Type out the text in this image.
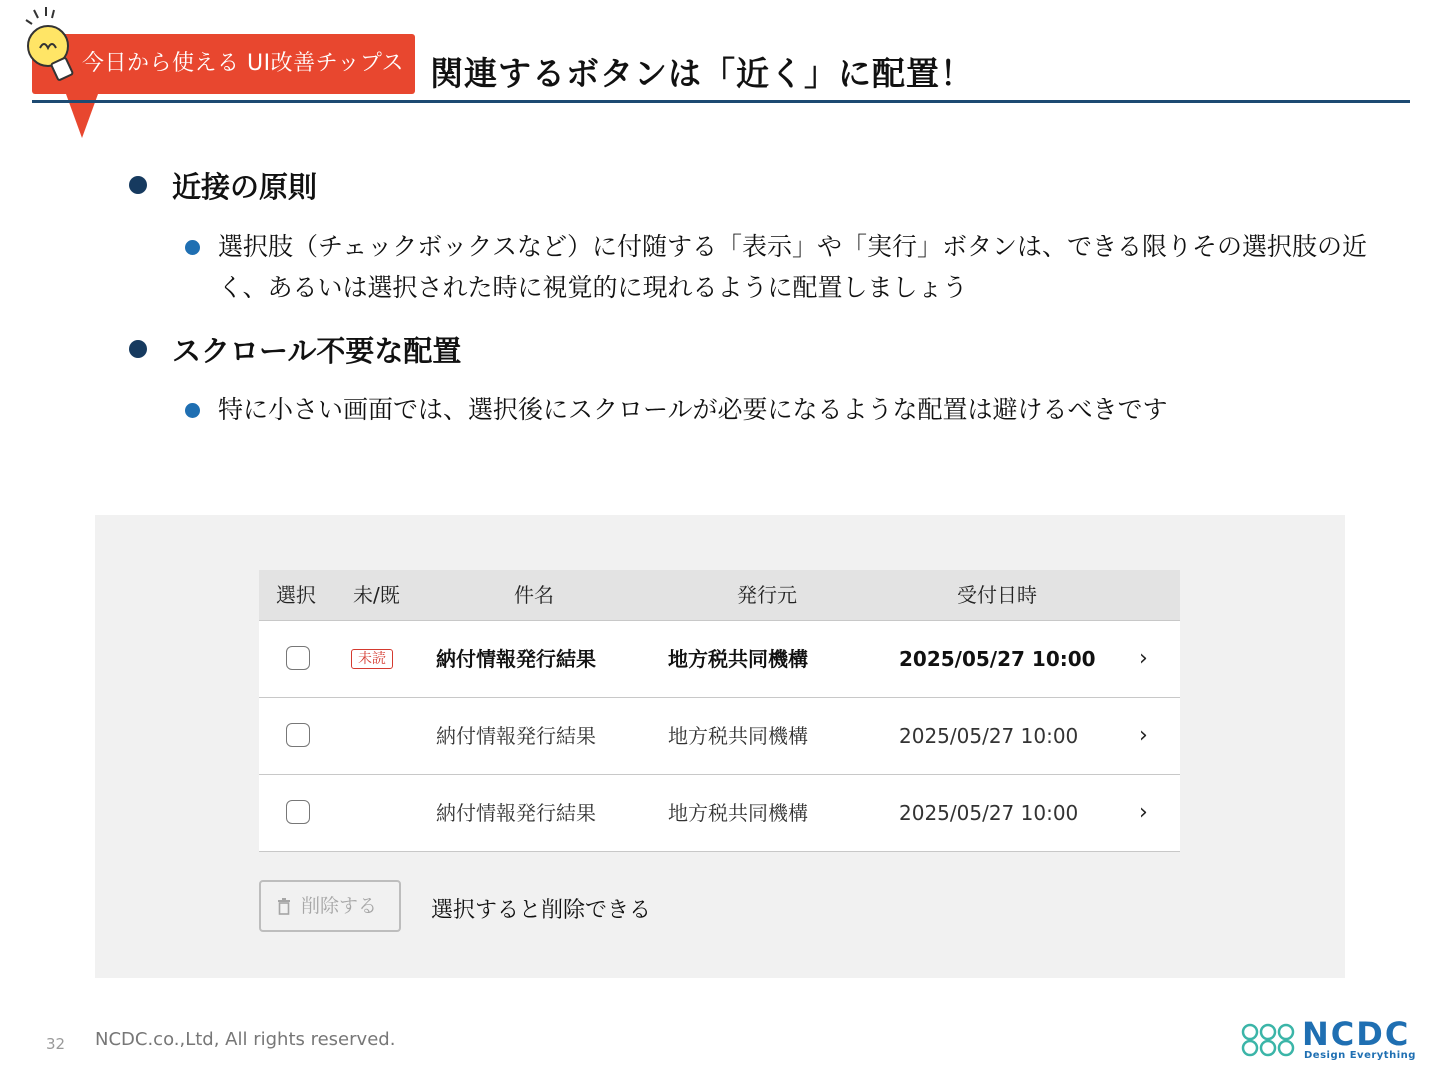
今日から使える UI改善チップス 関連するボタンは「近く」に配置！
近接の原則
選択肢（チェックボックスなど）に付随する「表示」や「実行」ボタンは、できる限りその選択肢の近く、あるいは選択された時に視覚的に現れるように配置しましょう
スクロール不要な配置
特に小さい画面では、選択後にスクロールが必要になるような配置は避けるべきです
選択 未/既	件名	発行元	受付日時
未読	納付情報発行結果	地方税共同機構	2025/05/27 10:00 ›
納付情報発行結果	地方税共同機構	2025/05/27 10:00	›
納付情報発行結果	地方税共同機構	2025/05/27 10:00	›
削除する	選択すると削除できる
32 NCDC.co.,Ltd, All rights reserved.	NCDC
Design Everything
